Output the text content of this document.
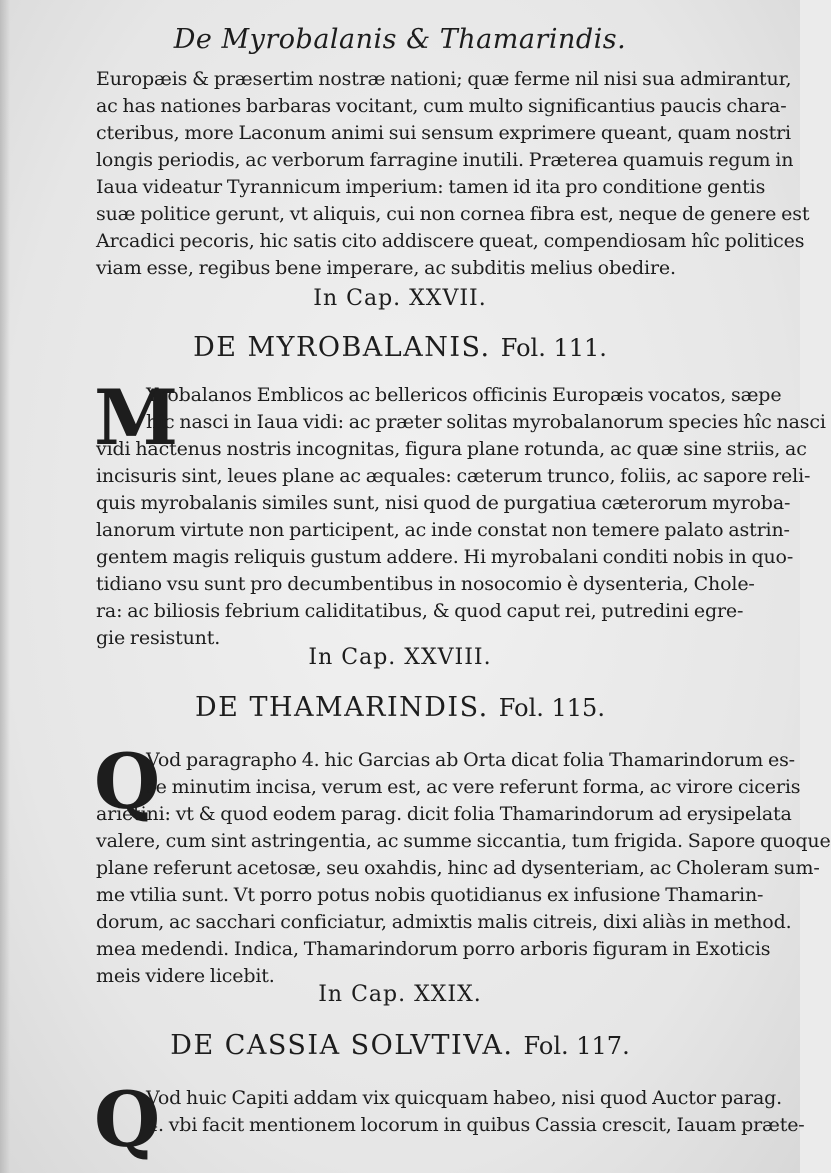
De Myrobalanis & Thamarindis.
Europæis & præsertim nostræ nationi; quæ ferme nil nisi sua admirantur,
ac has nationes barbaras vocitant, cum multo significantius paucis chara-
cteribus, more Laconum animi sui sensum exprimere queant, quam nostri
longis periodis, ac verborum farragine inutili. Præterea quamuis regum in
Iaua videatur Tyrannicum imperium: tamen id ita pro conditione gentis
suæ politice gerunt, vt aliquis, cui non cornea fibra est, neque de genere est
Arcadici pecoris, hic satis cito addiscere queat, compendiosam hîc politices
viam esse, regibus bene imperare, ac subditis melius obedire.
In Cap. XXVII.
DE MYROBALANIS. Fol. 111.
M
Yrobalanos Emblicos ac bellericos officinis Europæis vocatos, sæpe
hîc nasci in Iaua vidi: ac præter solitas myrobalanorum species hîc nasci
vidi hactenus nostris incognitas, figura plane rotunda, ac quæ sine striis, ac
incisuris sint, leues plane ac æquales: cæterum trunco, foliis, ac sapore reli-
quis myrobalanis similes sunt, nisi quod de purgatiua cæterorum myroba-
lanorum virtute non participent, ac inde constat non temere palato astrin-
gentem magis reliquis gustum addere. Hi myrobalani conditi nobis in quo-
tidiano vsu sunt pro decumbentibus in nosocomio è dysenteria, Chole-
ra: ac biliosis febrium caliditatibus, & quod caput rei, putredini egre-
gie resistunt.
In Cap. XXVIII.
DE THAMARINDIS. Fol. 115.
Q
Vod paragrapho 4. hic Garcias ab Orta dicat folia Thamarindorum es-
se minutim incisa, verum est, ac vere referunt forma, ac virore ciceris
arietini: vt & quod eodem parag. dicit folia Thamarindorum ad erysipelata
valere, cum sint astringentia, ac summe siccantia, tum frigida. Sapore quoque
plane referunt acetosæ, seu oxahdis, hinc ad dysenteriam, ac Choleram sum-
me vtilia sunt. Vt porro potus nobis quotidianus ex infusione Thamarin-
dorum, ac sacchari conficiatur, admixtis malis citreis, dixi aliàs in method.
mea medendi. Indica, Thamarindorum porro arboris figuram in Exoticis
meis videre licebit.
In Cap. XXIX.
DE CASSIA SOLVTIVA. Fol. 117.
Q
Vod huic Capiti addam vix quicquam habeo, nisi quod Auctor parag.
4. vbi facit mentionem locorum in quibus Cassia crescit, Iauam præte-
